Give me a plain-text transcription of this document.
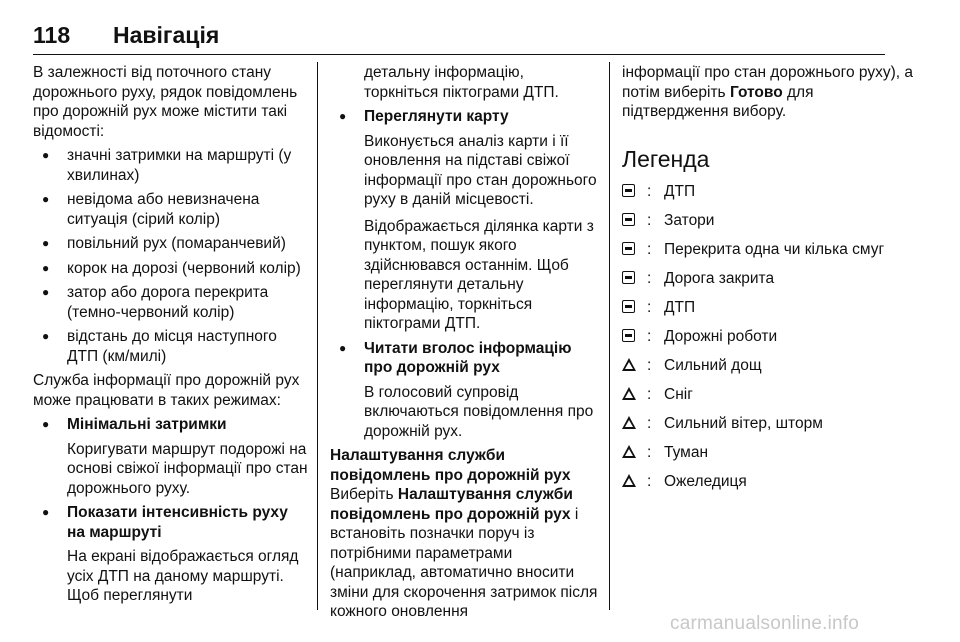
118 Навігація

В залежності від поточного стану дорожнього руху, рядок повідомлень про дорожній рух може містити такі відомості:

● значні затримки на маршруті (у хвилинах)
● невідома або невизначена ситуація (сірий колір)
● повільний рух (помаранчевий)
● корок на дорозі (червоний колір)
● затор або дорога перекрита (темно-червоний колір)
● відстань до місця наступного ДТП (км/милі)

Служба інформації про дорожній рух може працювати в таких режимах:

● Мінімальні затримки
Коригувати маршрут подорожі на основі свіжої інформації про стан дорожнього руху.
● Показати інтенсивність руху на маршруті
На екрані відображається огляд усіх ДТП на даному маршруті. Щоб переглянути

детальну інформацію, торкніться піктограми ДТП.

● Переглянути карту
Виконується аналіз карти і її оновлення на підставі свіжої інформації про стан дорожнього руху в даній місцевості.
Відображається ділянка карти з пунктом, пошук якого здійснювався останнім. Щоб переглянути детальну інформацію, торкніться піктограми ДТП.
● Читати вголос інформацію про дорожній рух
В голосовий супровід включаються повідомлення про дорожній рух.
Налаштування служби повідомлень про дорожній рух

Виберіть Налаштування служби повідомлень про дорожній рух і встановіть позначки поруч із потрібними параметрами (наприклад, автоматично вносити зміни для скорочення затримок після кожного оновлення

інформації про стан дорожнього руху), а потім виберіть Готово для підтвердження вибору.

Легенда
: ДТП
: Затори
: Перекрита одна чи кілька смуг
: Дорога закрита
: ДТП
: Дорожні роботи
: Сильний дощ
: Сніг
: Сильний вітер, шторм
: Туман
: Ожеледиця
carmanualsonline.info
